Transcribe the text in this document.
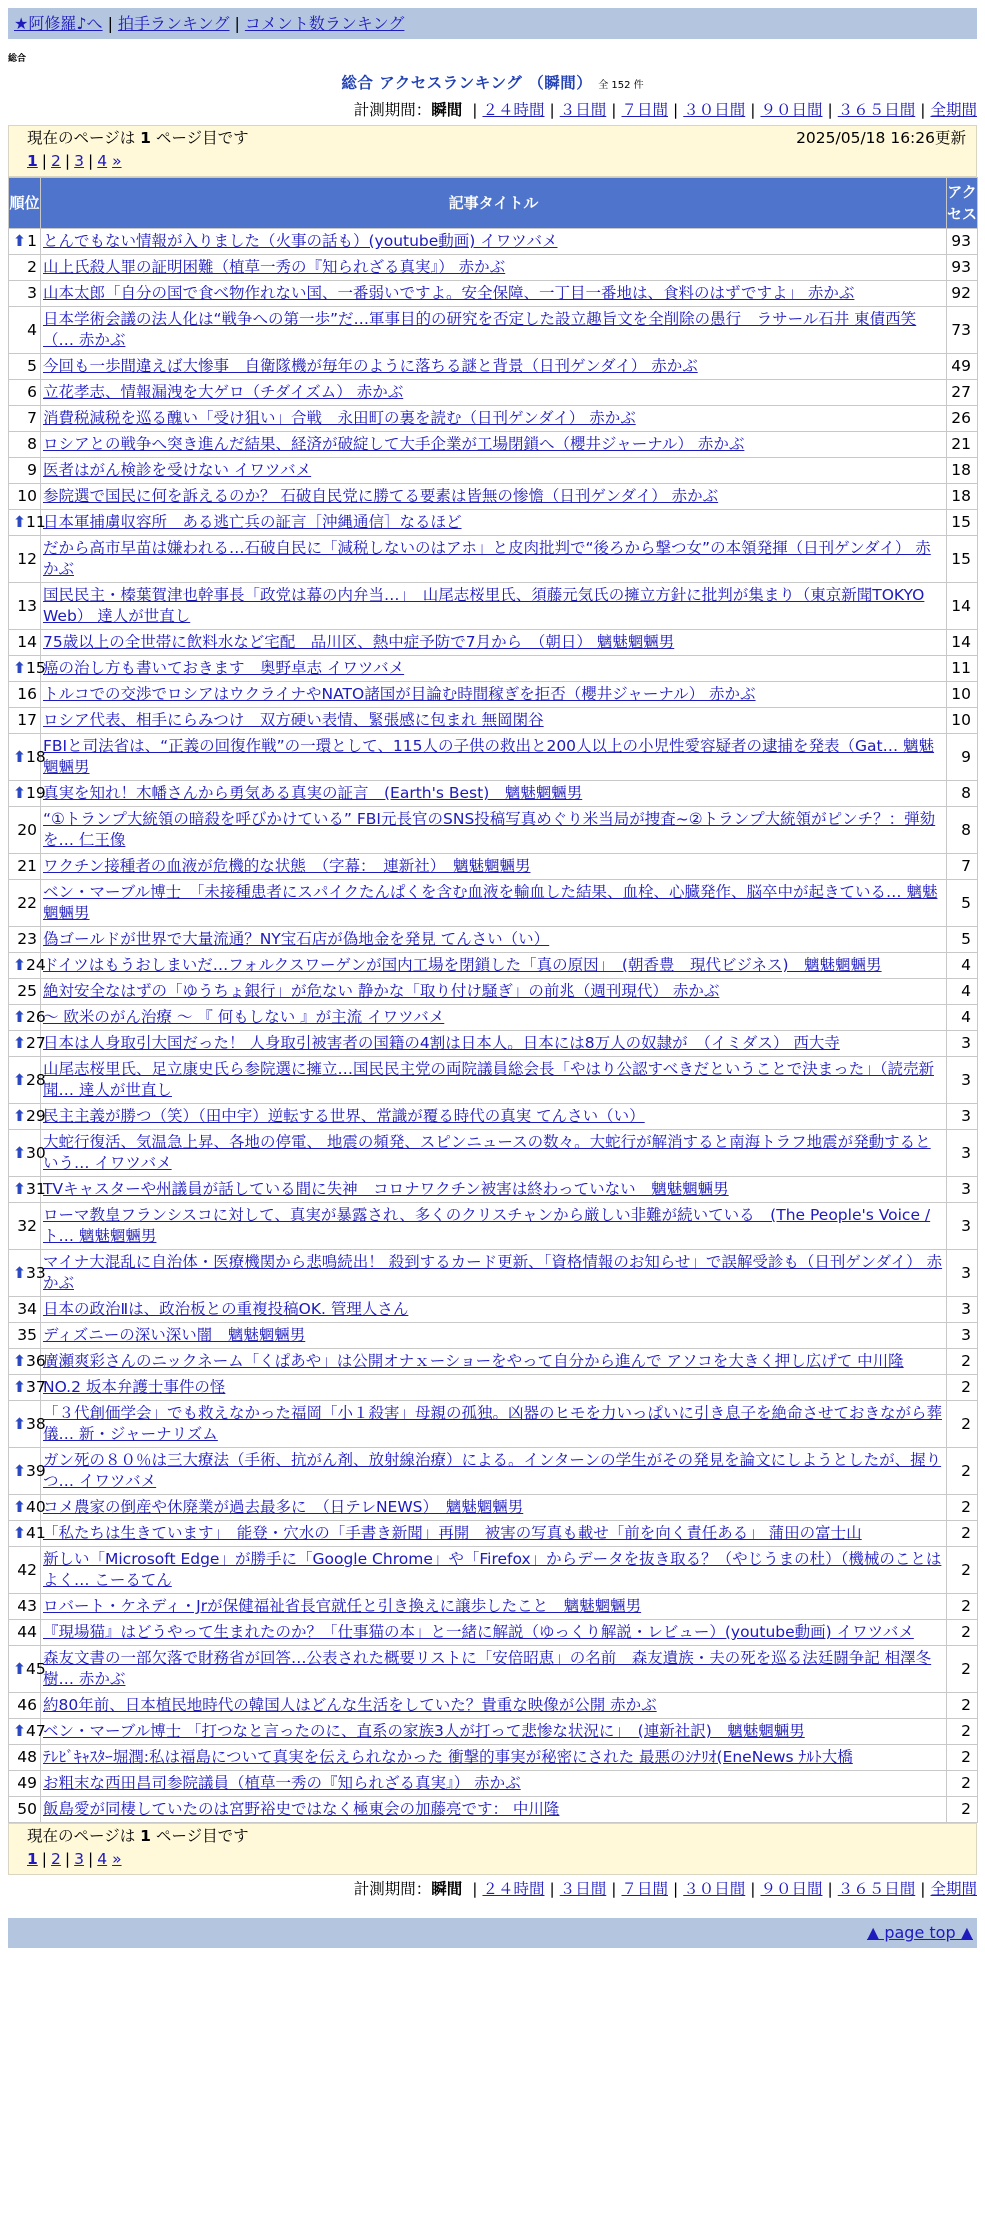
★阿修羅♪へ | 拍手ランキング | コメント数ランキング
総合
総合 アクセスランキング （瞬間） 全 152 件
計測期間：瞬間 | ２４時間 | ３日間 | ７日間 | ３０日間 | ９０日間 | ３６５日間 | 全期間
現在のページは 1 ページ目です	2025/05/18 16:26更新
1 | 2 | 3 | 4 »
順位	記事タイトル	アクセス

⬆ 1	とんでもない情報が入りました（火事の話も）(youtube動画) イワツバメ	93
2	山上氏殺人罪の証明困難（植草一秀の『知られざる真実』） 赤かぶ	93
3	山本太郎「自分の国で食べ物作れない国、一番弱いですよ。安全保障、一丁目一番地は、食料のはずですよ」 赤かぶ	92
4	日本学術会議の法人化は“戦争への第一歩”だ…軍事目的の研究を否定した設立趣旨文を全削除の愚行　ラサール石井 東債西笑（… 赤かぶ	73
5	今回も一歩間違えば大惨事　自衛隊機が毎年のように落ちる謎と背景（日刊ゲンダイ） 赤かぶ	49
6	立花孝志、情報漏洩を大ゲロ（チダイズム） 赤かぶ	27
7	消費税減税を巡る醜い「受け狙い」合戦　永田町の裏を読む（日刊ゲンダイ） 赤かぶ	26
8	ロシアとの戦争へ突き進んだ結果、経済が破綻して大手企業が工場閉鎖へ（櫻井ジャーナル） 赤かぶ	21
9	医者はがん検診を受けない イワツバメ	18
10	参院選で国民に何を訴えるのか？ 石破自民党に勝てる要素は皆無の惨憺（日刊ゲンダイ） 赤かぶ	18

⬆ 11	日本軍捕虜収容所　ある逃亡兵の証言［沖縄通信］なるほど	15
12	だから高市早苗は嫌われる…石破自民に「減税しないのはアホ」と皮肉批判で“後ろから撃つ女”の本領発揮（日刊ゲンダイ） 赤かぶ	15
13	国民民主・榛葉賀津也幹事長「政党は幕の内弁当…」　山尾志桜里氏、須藤元気氏の擁立方針に批判が集まり（東京新聞TOKYO Web） 達人が世直し	14
14	75歳以上の全世帯に飲料水など宅配　品川区、熱中症予防で7月から　（朝日） 魑魅魍魎男	14

⬆ 15	癌の治し方も書いておきます　奥野卓志 イワツバメ	11
16	トルコでの交渉でロシアはウクライナやNATO諸国が目論む時間稼ぎを拒否（櫻井ジャーナル） 赤かぶ	10
17	ロシア代表、相手にらみつけ　双方硬い表情、緊張感に包まれ 無岡閑谷	10

⬆ 18	FBIと司法省は、“正義の回復作戦”の一環として、115人の子供の救出と200人以上の小児性愛容疑者の逮捕を発表（Gat… 魑魅魍魎男	9

⬆ 19	真実を知れ！木幡さんから勇気ある真実の証言　(Earth's Best)　魑魅魍魎男	8
20	“①トランプ大統領の暗殺を呼びかけている” FBI元長官のSNS投稿写真めぐり米当局が捜査~②トランプ大統領がピンチ？：弾劾を… 仁王像	8
21	ワクチン接種者の血液が危機的な状態　（字幕：　連新社）　魑魅魍魎男	7
22	ベン・マーブル博士　「未接種患者にスパイクたんぱくを含む血液を輸血した結果、血栓、心臓発作、脳卒中が起きている… 魑魅魍魎男	5
23	偽ゴールドが世界で大量流通？NY宝石店が偽地金を発見 てんさい（い）	5

⬆ 24	ドイツはもうおしまいだ…フォルクスワーゲンが国内工場を閉鎖した「真の原因」　(朝香豊　現代ビジネス)　魑魅魍魎男	4
25	絶対安全なはずの「ゆうちょ銀行」が危ない 静かな「取り付け騒ぎ」の前兆（週刊現代） 赤かぶ	4

⬆ 26	～ 欧米のがん治療 ～ 『 何もしない 』が主流 イワツバメ	4

⬆ 27	日本は人身取引大国だった！ 人身取引被害者の国籍の4割は日本人。日本には8万人の奴隷が　（イミダス） 西大寺	3

⬆ 28	山尾志桜里氏、足立康史氏ら参院選に擁立…国民民主党の両院議員総会長「やはり公認すべきだということで決まった」（読売新聞… 達人が世直し	3

⬆ 29	民主主義が勝つ（笑）（田中宇）逆転する世界、常識が覆る時代の真実 てんさい（い）	3

⬆ 30	大蛇行復活、気温急上昇、各地の停電、 地震の頻発、スピンニュースの数々。大蛇行が解消すると南海トラフ地震が発動するという… イワツバメ	3

⬆ 31	TVキャスターや州議員が話している間に失神　コロナワクチン被害は終わっていない　魑魅魍魎男	3
32	ローマ教皇フランシスコに対して、真実が暴露され、多くのクリスチャンから厳しい非難が続いている　(The People's Voice / ト… 魑魅魍魎男	3

⬆ 33	マイナ大混乱に自治体・医療機関から悲鳴続出！ 殺到するカード更新、「資格情報のお知らせ」で誤解受診も（日刊ゲンダイ） 赤かぶ	3
34	日本の政治Ⅱは、政治板との重複投稿OK. 管理人さん	3
35	ディズニーの深い深い闇　魑魅魍魎男	3

⬆ 36	廣瀬爽彩さんのニックネーム「くぱあや」は公開オナｘーショーをやって自分から進んで アソコを大きく押し広げて 中川隆	2

⬆ 37	NO.2 坂本弁護士事件の怪	2

⬆ 38	「３代創価学会」でも救えなかった福岡「小１殺害」母親の孤独。凶器のヒモを力いっぱいに引き息子を絶命させておきながら葬儀… 新・ジャーナリズム	2

⬆ 39	ガン死の８０％は三大療法（手術、抗がん剤、放射線治療）による。インターンの学生がその発見を論文にしようとしたが、握りつ… イワツバメ	2

⬆ 40	コメ農家の倒産や休廃業が過去最多に　（日テレNEWS）　魑魅魍魎男	2

⬆ 41	「私たちは生きています」　能登・穴水の「手書き新聞」再開　被害の写真も載せ「前を向く責任ある」 蒲田の富士山	2
42	新しい「Microsoft Edge」が勝手に「Google Chrome」や「Firefox」からデータを抜き取る？（やじうまの杜）（機械のことはよく… こーるてん	2
43	ロバート・ケネディ・Jrが保健福祉省長官就任と引き換えに譲歩したこと　魑魅魍魎男	2
44	『現場猫』はどうやって生まれたのか？「仕事猫の本」と一緒に解説（ゆっくり解説・レビュー）(youtube動画) イワツバメ	2

⬆ 45	森友文書の一部欠落で財務省が回答…公表された概要リストに「安倍昭恵」の名前　森友遺族・夫の死を巡る法廷闘争記 相澤冬樹… 赤かぶ	2
46	約80年前、日本植民地時代の韓国人はどんな生活をしていた？貴重な映像が公開 赤かぶ	2

⬆ 47	ベン・マーブル博士 「打つなと言ったのに、直系の家族3人が打って悲惨な状況に」　(連新社訳)　魑魅魍魎男	2
48	ﾃﾚﾋﾞｷｬｽﾀｰ堀潤:私は福島について真実を伝えられなかった 衝撃的事実が秘密にされた 最悪のｼﾅﾘｵ(EneNews ﾅﾙﾄ大橋	2
49	お粗末な西田昌司参院議員（植草一秀の『知られざる真実』） 赤かぶ	2
50	飯島愛が同棲していたのは宮野裕史ではなく極東会の加藤亮です： 中川隆	2
現在のページは 1 ページ目です
1 | 2 | 3 | 4 »
計測期間：瞬間 | ２４時間 | ３日間 | ７日間 | ３０日間 | ９０日間 | ３６５日間 | 全期間
▲ page top ▲
